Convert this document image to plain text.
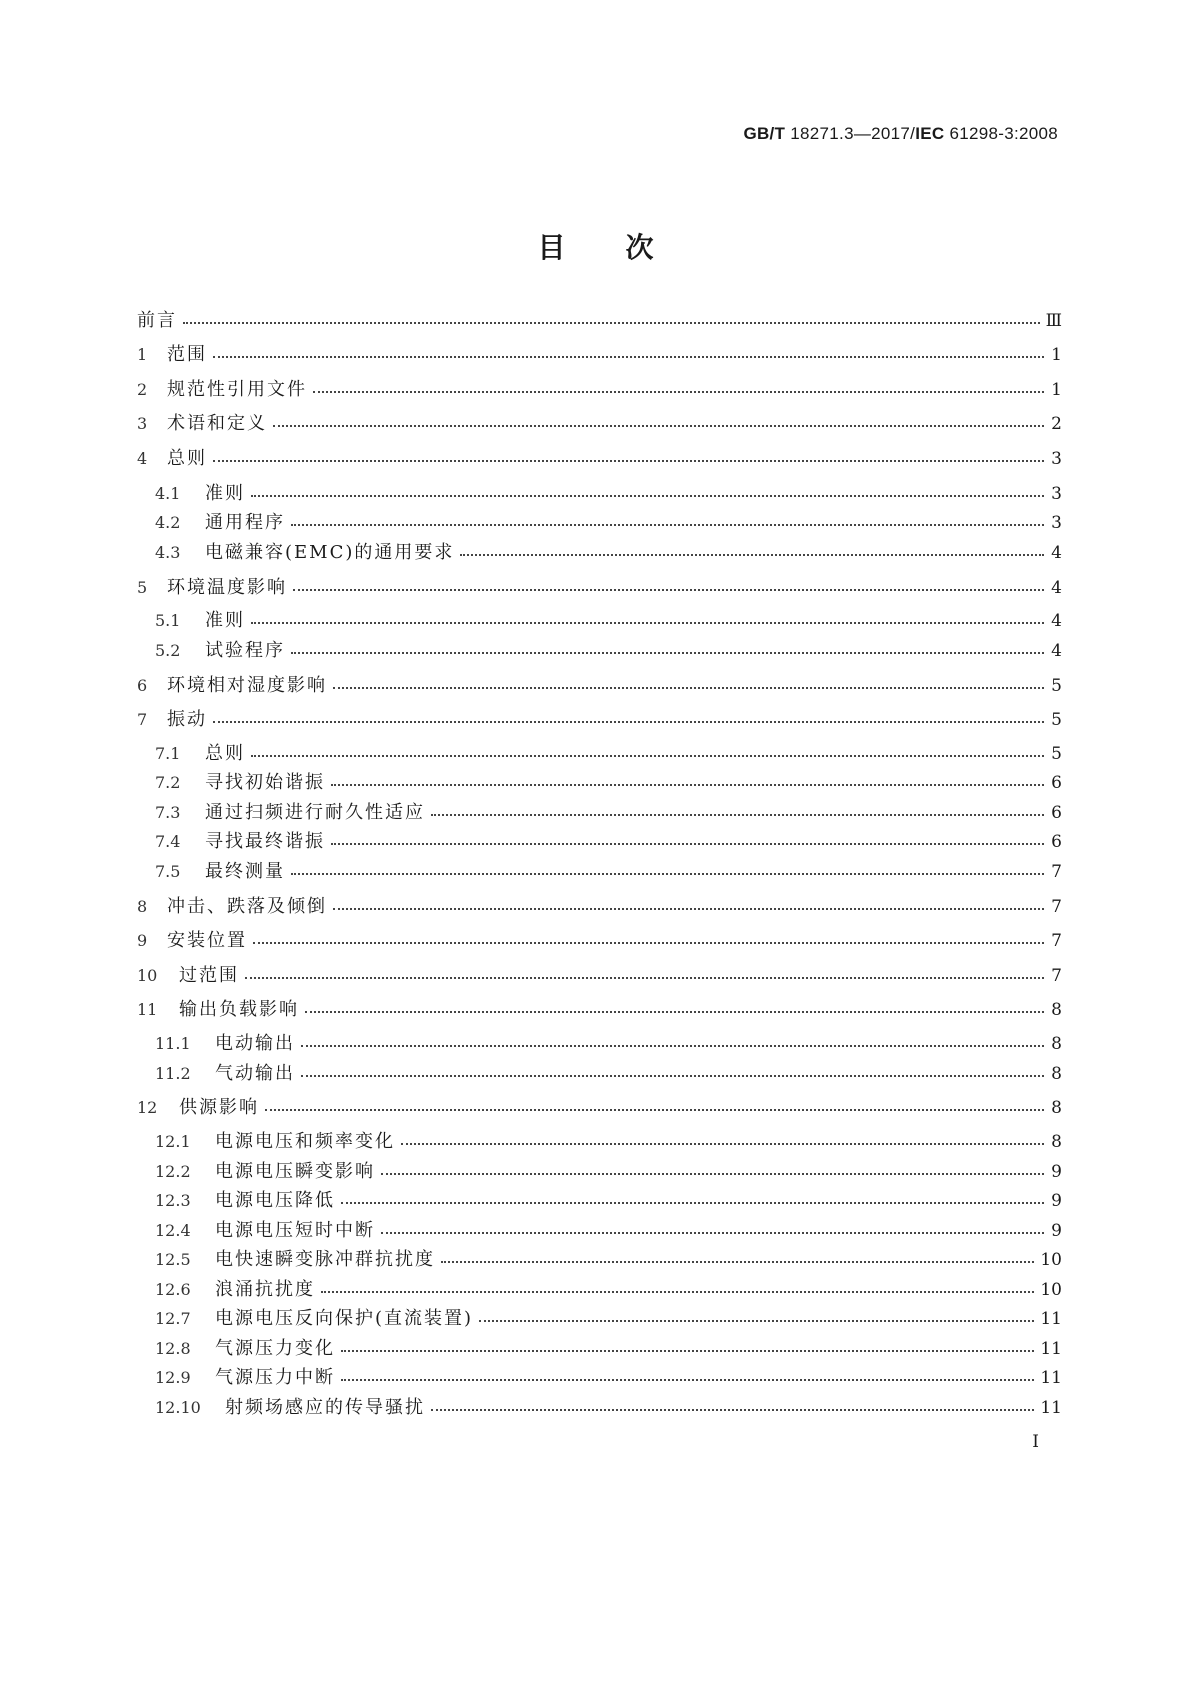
GB/T 18271.3—2017/IEC 61298-3:2008
目次
前言	Ⅲ
1	范围	1
2	规范性引用文件	1
3	术语和定义	2
4	总则	3
4.1	准则	3
4.2	通用程序	3
4.3	电磁兼容(EMC)的通用要求	4
5	环境温度影响	4
5.1	准则	4
5.2	试验程序	4
6	环境相对湿度影响	5
7	振动	5
7.1	总则	5
7.2	寻找初始谐振	6
7.3	通过扫频进行耐久性适应	6
7.4	寻找最终谐振	6
7.5	最终测量	7
8	冲击、跌落及倾倒	7
9	安装位置	7
10	过范围	7
11	输出负载影响	8
11.1	电动输出	8
11.2	气动输出	8
12	供源影响	8
12.1	电源电压和频率变化	8
12.2	电源电压瞬变影响	9
12.3	电源电压降低	9
12.4	电源电压短时中断	9
12.5	电快速瞬变脉冲群抗扰度	10
12.6	浪涌抗扰度	10
12.7	电源电压反向保护(直流装置)	11
12.8	气源压力变化	11
12.9	气源压力中断	11
12.10	射频场感应的传导骚扰	11
I
